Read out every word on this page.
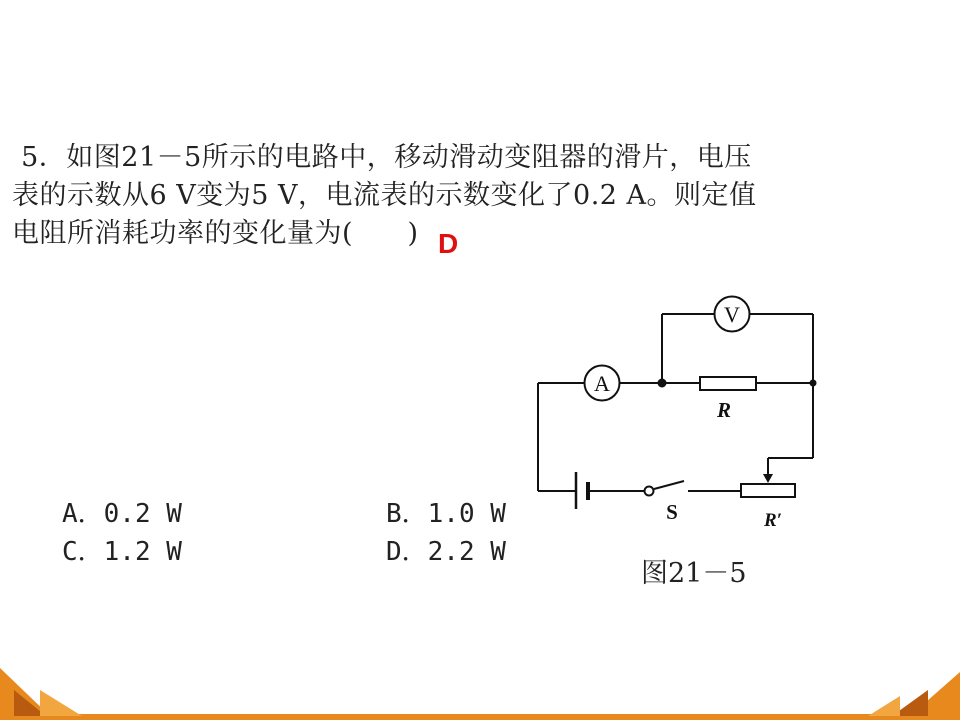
5．如图21－5所示的电路中，移动滑动变阻器的滑片，电压

表的示数从6 V变为5 V，电流表的示数变化了0.2 A。则定值

电阻所消耗功率的变化量为(      ) D
A．0.2 W	B．1.0 W
C．1.2 W	D．2.2 W
A
V
R
R′
S
图21－5
